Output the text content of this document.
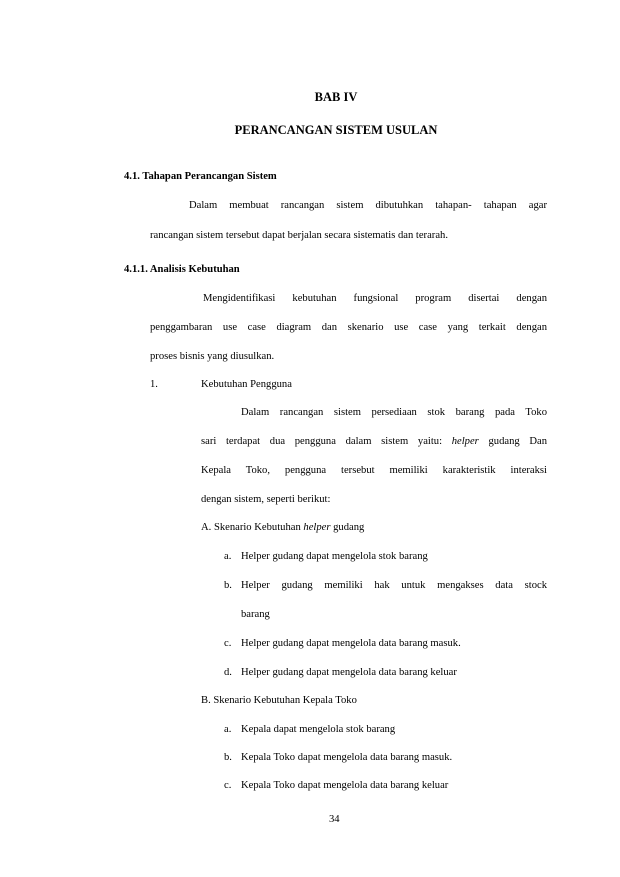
BAB IV
PERANCANGAN SISTEM USULAN
4.1. Tahapan Perancangan Sistem
Dalam membuat rancangan sistem dibutuhkan tahapan- tahapan agar
rancangan sistem tersebut dapat berjalan secara sistematis dan terarah.
4.1.1. Analisis Kebutuhan
Mengidentifikasi kebutuhan fungsional program disertai dengan
penggambaran use case diagram dan skenario use case yang terkait dengan
proses bisnis yang diusulkan.
1.	Kebutuhan Pengguna
Dalam rancangan sistem persediaan stok barang pada Toko
sari terdapat dua pengguna dalam sistem yaitu: helper gudang Dan
Kepala Toko, pengguna tersebut memiliki karakteristik interaksi
dengan sistem, seperti berikut:
A. Skenario Kebutuhan helper gudang
a. Helper gudang dapat mengelola stok barang
b. Helper gudang memiliki hak untuk mengakses data stock
barang
c. Helper gudang dapat mengelola data barang masuk.
d. Helper gudang dapat mengelola data barang keluar
B. Skenario Kebutuhan Kepala Toko
a. Kepala dapat mengelola stok barang
b. Kepala Toko dapat mengelola data barang masuk.
c. Kepala Toko dapat mengelola data barang keluar
34
